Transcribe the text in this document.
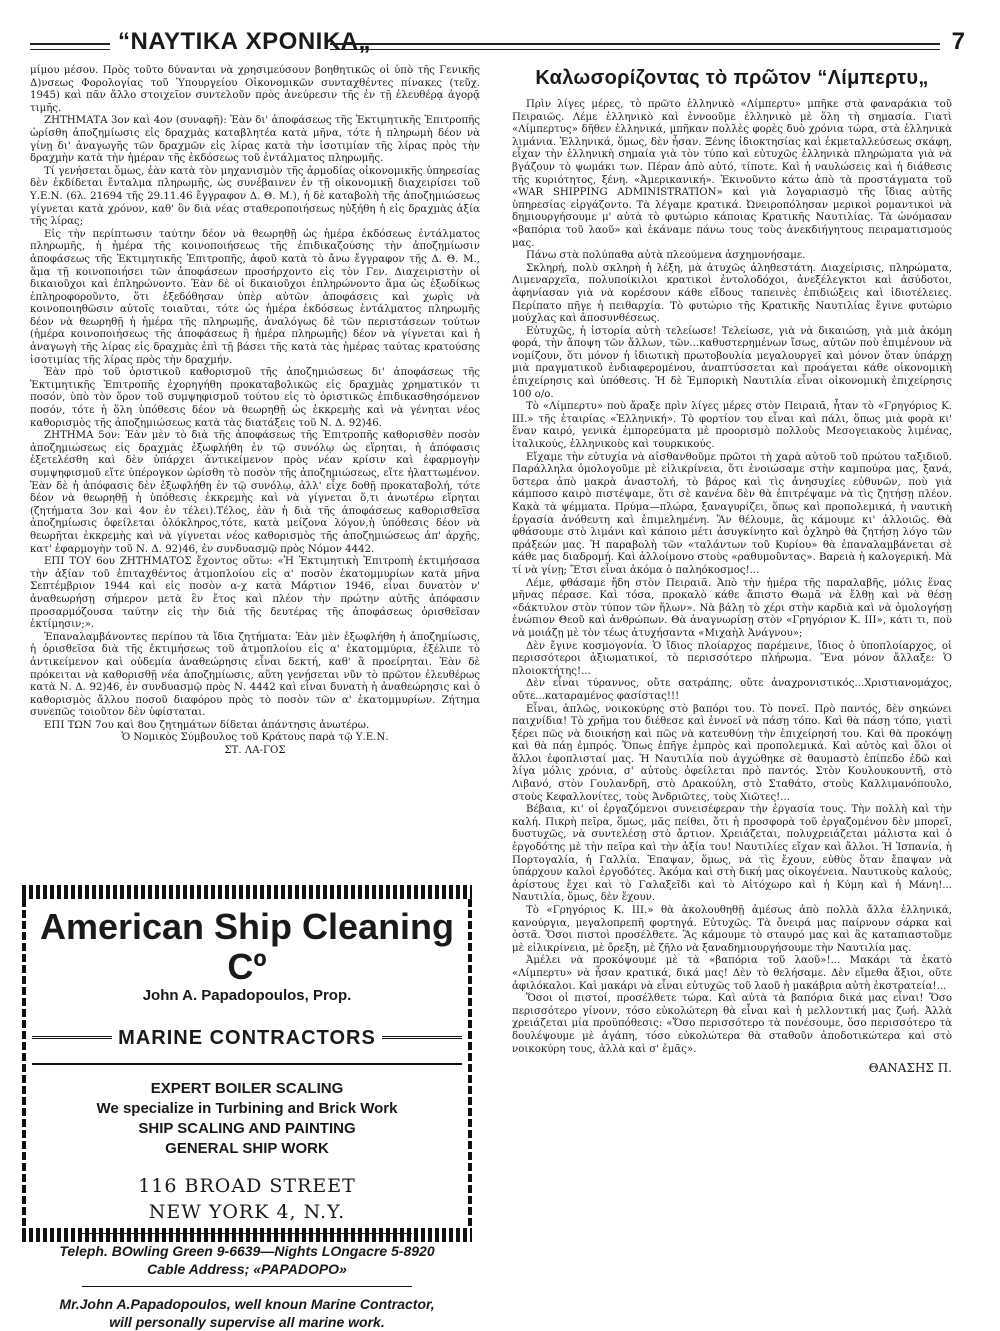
“ΝΑΥΤΙΚΑ ΧΡΟΝΙΚΑ„	7

μίμου μέσου. Πρὸς τοῦτο δύνανται νὰ χρησιμεύσουν βοηθητικῶς οἱ ὑπὸ τῆς Γενικῆς Δ)νσεως Φορολογίας τοῦ Ὑπουργείου Οἰκονομικῶν συνταχθέντες πίνακες (τεῦχ. 1945) καὶ πᾶν ἄλλο στοιχεῖον συντελοῦν πρὸς ἀνεύρεσιν τῆς ἐν τῇ ἐλευθέρᾳ ἀγορᾷ τιμῆς.

ΖΗΤΗΜΑΤΑ 3ον καὶ 4ον (συναφῆ): Ἐὰν δι' ἀποφάσεως τῆς Ἐκτιμητικῆς Ἐπιτροπῆς ὡρίσθη ἀποζημίωσις εἰς δραχμὰς καταβλητέα κατὰ μῆνα, τότε ἡ πληρωμὴ δέον νὰ γίνῃ δι' ἀναγωγῆς τῶν δραχμῶν εἰς λίρας κατὰ τὴν ἰσοτιμίαν τῆς λίρας πρὸς τὴν δραχμὴν κατὰ τὴν ἡμέραν τῆς ἐκδόσεως τοῦ ἐντάλματος πληρωμῆς.

Τί γενήσεται ὅμως, ἐὰν κατὰ τὸν μηχανισμὸν τῆς ἁρμοδίας οἰκονομικῆς ὑπηρεσίας δὲν ἐκδίδεται ἔνταλμα πληρωμῆς, ὡς συνέβαινεν ἐν τῇ οἰκονομικῇ διαχειρίσει τοῦ Υ.Ε.Ν. (6λ. 21694 τῆς 29.11.46 ἔγγραφον Δ. Θ. Μ.), ἡ δὲ καταβολὴ τῆς ἀποζημιώσεως γίγνεται κατὰ χρόνον, καθ' ὃν διὰ νέας σταθεροποιήσεως ηὐξήθη ἡ εἰς δραχμὰς ἀξία τῆς λίρας;

Εἰς τὴν περίπτωσιν ταύτην δέον νὰ θεωρηθῇ ὡς ἡμέρα ἐκδόσεως ἐντάλματος πληρωμῆς, ἡ ἡμέρα τῆς κοινοποιήσεως τῆς ἐπιδικαζούσης τὴν ἀποζημίωσιν ἀποφάσεως τῆς Ἐκτιμητικῆς Ἐπιτροπῆς, ἀφοῦ κατὰ τὸ ἄνω ἔγγραφον τῆς Δ. Θ. Μ., ἅμα τῇ κοινοποιήσει τῶν ἀποφάσεων προσήρχοντο εἰς τὸν Γεν. Διαχειριστὴν οἱ δικαιοῦχοι καὶ ἐπληρώνοντο. Ἐὰν δὲ οἱ δικαιοῦχοι ἐπληρώνοντο ἅμα ὡς ἐξωδίκως ἐπληροφοροῦντο, ὅτι ἐξεδόθησαν ὑπὲρ αὐτῶν ἀποφάσεις καὶ χωρὶς νὰ κοινοποιηθῶσιν αὐτοῖς τοιαῦται, τότε ὡς ἡμέρα ἐκδόσεως ἐντάλματος πληρωμῆς δέον νὰ θεωρηθῇ ἡ ἡμέρα τῆς πληρωμῆς, ἀναλόγως δὲ τῶν περιστάσεων τούτων (ἡμέρα κοινοποιήσεως τῆς ἀποφάσεως ἢ ἡμέρα πληρωμῆς) δέον νὰ γίγνεται καὶ ἡ ἀναγωγὴ τῆς λίρας εἰς δραχμὰς ἐπὶ τῇ βάσει τῆς κατὰ τὰς ἡμέρας ταύτας κρατούσης ἰσοτιμίας τῆς λίρας πρὸς τὴν δραχμήν.

Ἐὰν πρὸ τοῦ ὁριστικοῦ καθορισμοῦ τῆς ἀποζημιώσεως δι' ἀποφάσεως τῆς Ἐκτιμητικῆς Ἐπιτροπῆς ἐχορηγήθη προκαταβολικῶς εἰς δραχμὰς χρηματικόν τι ποσόν, ὑπὸ τὸν ὅρον τοῦ συμψηφισμοῦ τούτου εἰς τὸ ὁριστικῶς ἐπιδικασθησόμενον ποσόν, τότε ἡ ὅλη ὑπόθεσις δέον νὰ θεωρηθῇ ὡς ἐκκρεμὴς καὶ νὰ γένηται νέος καθορισμὸς τῆς ἀποζημιώσεως κατὰ τὰς διατάξεις τοῦ Ν. Δ. 92)46.

ΖΗΤΗΜΑ 5ον: Ἐὰν μὲν τὸ διὰ τῆς ἀποφάσεως τῆς Ἐπιτροπῆς καθορισθὲν ποσὸν ἀποζημιώσεως εἰς δραχμὰς ἐξωφλήθη ἐν τῷ συνόλῳ ὡς εἴρηται, ἡ ἀπόφασις ἐξετελέσθη καὶ δὲν ὑπάρχει ἀντικείμενον πρὸς νέαν κρίσιν καὶ ἐφαρμογὴν συμψηφισμοῦ εἴτε ὑπέρογκον ὡρίσθη τὸ ποσὸν τῆς ἀποζημιώσεως, εἴτε ἠλαττωμένον. Ἐὰν δὲ ἡ ἀπόφασις δὲν ἐξωφλήθη ἐν τῷ συνόλῳ, ἀλλ' εἶχε δοθῇ προκαταβολή, τότε δέον νὰ θεωρηθῇ ἡ ὑπόθεσις ἐκκρεμὴς καὶ νὰ γίγνεται ὅ,τι ἀνωτέρω εἴρηται (ζητήματα 3ον καὶ 4ον ἐν τέλει).Τέλος, ἐὰν ἡ διὰ τῆς ἀποφάσεως καθορισθεῖσα ἀποζημίωσις ὀφείλεται ὁλόκληρος,τότε, κατὰ μείζονα λόγον,ἡ ὑπόθεσις δέον νὰ θεωρῆται ἐκκρεμὴς καὶ νὰ γίγνεται νέος καθορισμὸς τῆς ἀποζημιώσεως ἀπ' ἀρχῆς, κατ' ἐφαρμογὴν τοῦ Ν. Δ. 92)46, ἐν συνδυασμῷ πρὸς Νόμον 4442.

ΕΠΙ ΤΟΥ 6ου ΖΗΤΗΜΑΤΟΣ ἔχοντος οὕτω: «Ἡ Ἐκτιμητικὴ Ἐπιτροπὴ ἐκτιμήσασα τὴν ἀξίαν τοῦ ἐπιταχθέντος ἀτμοπλοίου εἰς α' ποσὸν ἑκατομμυρίων κατὰ μῆνα Σεπτέμβριον 1944 καὶ εἰς ποσὸν α-χ κατὰ Μάρτιον 1946, εἶναι δυνατὸν ν' ἀναθεωρήσῃ σήμερον μετὰ ἓν ἔτος καὶ πλέον τὴν πρώτην αὐτῆς ἀπόφασιν προσαρμόζουσα ταύτην εἰς τὴν διὰ τῆς δευτέρας τῆς ἀποφάσεως ὁρισθεῖσαν ἐκτίμησιν;».

Ἐπαναλαμβάνοντες περίπου τὰ ἴδια ζητήματα: Ἐὰν μὲν ἐξωφλήθη ἡ ἀποζημίωσις, ἡ ὁρισθεῖσα διὰ τῆς ἐκτιμήσεως τοῦ ἀτμοπλοίου εἰς α' ἑκατομμύρια, ἐξέλιπε τὸ ἀντικείμενον καὶ οὐδεμία ἀναθεώρησις εἶναι δεκτή, καθ' ἃ προείρηται. Ἐὰν δὲ πρόκειται νὰ καθορισθῇ νέα ἀποζημίωσις, αὕτη γενήσεται νῦν τὸ πρῶτον ἐλευθέρως κατὰ Ν. Δ. 92)46, ἐν συνδυασμῷ πρὸς Ν. 4442 καὶ εἶναι δυνατὴ ἡ ἀναθεώρησις καὶ ὁ καθορισμὸς ἄλλου ποσοῦ διαφόρου πρὸς τὸ ποσὸν τῶν α' ἑκατομμυρίων. Ζήτημα συνεπῶς τοιοῦτον δὲν ὑφίσταται.

ΕΠΙ ΤΩΝ 7ου καὶ 8ου ζητημάτων δίδεται ἀπάντησις ἀνωτέρω.

Ὁ Νομικὸς Σύμβουλος τοῦ Κράτους παρὰ τῷ Υ.Ε.Ν.
ΣΤ. ΛΑ-ΓΟΣ
American Ship Cleaning Cº
John A. Papadopoulos, Prop.
MARINE CONTRACTORS
EXPERT BOILER SCALING
We specialize in Turbining and Brick Work
SHIP SCALING AND PAINTING
GENERAL SHIP WORK
116 BROAD STREET
NEW YORK 4, N.Y.
Teleph. BOwling Green 9-6639—Nights LOngacre 5-8920
Cable Address; «PAPADOPO»
Mr.John A.Papadopoulos, well knoun Marine Contractor,
will personally supervise all marine work.
Καλωσορίζοντας τὸ πρῶτον “Λίμπερτυ„

Πρὶν λίγες μέρες, τὸ πρῶτο ἑλληνικὸ «Λίμπερτυ» μπῆκε στὰ φαναράκια τοῦ Πειραιῶς. Λέμε ἑλληνικὸ καὶ ἐννοοῦμε ἑλληνικὸ μὲ ὅλη τὴ σημασία. Γιατὶ «Λίμπερτυς» δῆθεν ἑλληνικά, μπῆκαν πολλὲς φορὲς δυὸ χρόνια τώρα, στὰ ἑλληνικὰ λιμάνια. Ἑλληνικά, ὅμως, δὲν ἦσαν. Ξένης ἰδιοκτησίας καὶ ἐκμεταλλεύσεως σκάφη, εἶχαν τὴν ἑλληνικὴ σημαία γιὰ τὸν τύπο καὶ εὐτυχῶς ἑλληνικὰ πληρώματα γιὰ νὰ βγάζουν τὸ ψωμάκι των. Πέραν ἀπὸ αὐτό, τίποτε. Καὶ ἡ ναυλώσεις καὶ ἡ διάθεσις τῆς κυριότητος, ξένη. «Ἀμερικανική». Ἐκινοῦντο κάτω ἀπὸ τὰ προστάγματα τοῦ «WAR SHIPPING ADMINISTRATION» καὶ γιὰ λογαριασμὸ τῆς ἴδιας αὐτῆς ὑπηρεσίας εἰργάζοντο. Τὰ λέγαμε κρατικά. Ὠνειροπόλησαν μερικοὶ ρομαντικοὶ νὰ δημιουργήσουμε μ' αὐτὰ τὸ φυτώριο κάποιας Κρατικῆς Ναυτιλίας. Τὰ ὠνόμασαν «βαπόρια τοῦ λαοῦ» καὶ ἐκάναμε πάνω τους τοὺς ἀνεκδιήγητους πειραματισμούς μας.

Πάνω στὰ πολύπαθα αὐτὰ πλεούμενα ἀσχημονήσαμε.

Σκληρή, πολὺ σκληρὴ ἡ λέξη, μὰ ἀτυχῶς ἀληθεστάτη. Διαχείρισις, πληρώματα, Λιμεναρχεῖα, πολυποίκιλοι κρατικοὶ ἐντολοδόχοι, ἀνεξέλεγκτοι καὶ ἀσύδοτοι, ἀφηνίασαν γιὰ νὰ κορέσουν κάθε εἴδους ταπεινὲς ἐπιδιώξεις καὶ ἰδιοτέλειες. Περίπατο πῆγε ἡ πειθαρχία. Τὸ φυτώριο τῆς Κρατικῆς Ναυτιλίας ἔγινε φυτώριο μούχλας καὶ ἀποσυνθέσεως.

Εὐτυχῶς, ἡ ἱστορία αὐτὴ τελείωσε! Τελείωσε, γιὰ νὰ δικαιώσῃ, γιὰ μιὰ ἀκόμη φορά, τὴν ἄποψη τῶν ἄλλων, τῶν...καθυστερημένων ἴσως, αὐτῶν ποὺ ἐπιμένουν νὰ νομίζουν, ὅτι μόνον ἡ ἰδιωτικὴ πρωτοβουλία μεγαλουργεῖ καὶ μόνον ὅταν ὑπάρχῃ μιὰ πραγματικοῦ ἐνδιαφερομένου, ἀναπτύσσεται καὶ προάγεται κάθε οἰκονομικὴ ἐπιχείρησις καὶ ὑπόθεσις. Ἡ δὲ Ἐμπορικὴ Ναυτιλία εἶναι οἰκονομικὴ ἐπιχείρησις 100 ο/ο.

Τὸ «Λίμπερτυ» ποὺ ἄραξε πρὶν λίγες μέρες στὸν Πειραιᾶ, ἦταν τὸ «Γρηγόριος Κ. ΙΙΙ.» τῆς ἑταιρίας «Ἑλληνική». Τὸ φορτίον του εἶναι καὶ πάλι, ὅπως μιὰ φορὰ κι' ἕναν καιρό, γενικὰ ἐμπορεύματα μὲ προορισμὸ πολλοὺς Μεσογειακοὺς λιμένας, ἰταλικούς, ἑλληνικοὺς καὶ τουρκικούς.

Εἴχαμε τὴν εὐτυχία νὰ αἰσθανθοῦμε πρῶτοι τὴ χαρὰ αὐτοῦ τοῦ πρώτου ταξιδιοῦ. Παράλληλα ὁμολογοῦμε μὲ εἰλικρίνεια, ὅτι ἐνοιώσαμε στὴν καμπούρα μας, ξανά, ὕστερα ἀπὸ μακρὰ ἀναστολή, τὸ βάρος καὶ τὶς ἀνησυχίες εὐθυνῶν, ποὺ γιὰ κάμποσο καιρὸ πιστέψαμε, ὅτι σὲ κανένα δὲν θὰ ἐπιτρέψαμε νὰ τὶς ζητήσῃ πλέον. Κακὰ τὰ ψέμματα. Πρύμα—πλώρα, ξαναγυρίζει, ὅπως καὶ προπολεμικά, ἡ ναυτικὴ ἐργασία ἀνόθευτη καὶ ἐπιμελημένη. Ἂν θέλουμε, ἂς κάμουμε κι' ἀλλοιῶς. Θὰ φθάσουμε στὸ λιμάνι καὶ κάποιο μέτι ἀσυγκίνητο καὶ ὀχληρὸ θὰ ζητήσῃ λόγο τῶν πράξεών μας. Ἡ παραβολὴ τῶν «ταλάντων τοῦ Κυρίου» θὰ ἐπαναλαμβάνεται σὲ κάθε μας διαδρομή. Καὶ ἀλλοίμονο στοὺς «ραθυμοῦντας». Βαρειὰ ἡ καλογερική. Μὰ τί νὰ γίνῃ; Ἔτσι εἶναι ἀκόμα ὁ παληόκοσμος!...

Λέμε, φθάσαμε ἤδη στὸν Πειραιᾶ. Ἀπὸ τὴν ἡμέρα τῆς παραλαβῆς, μόλις ἕνας μῆνας πέρασε. Καὶ τόσα, προκαλὸ κάθε ἄπιστο Θωμᾶ νὰ ἔλθῃ καὶ νὰ θέσῃ «δάκτυλον στὸν τύπον τῶν ἥλων». Νὰ βάλῃ τὸ χέρι στὴν καρδιὰ καὶ νὰ ὁμολογήσῃ ἐνώπιον Θεοῦ καὶ ἀνθρώπων. Θὰ ἀναγνωρίσῃ στὸν «Γρηγόριον Κ. ΙΙΙ», κάτι τι, ποὺ νὰ μοιάζῃ μὲ τὸν τέως ἀτυχήσαντα «Μιχαὴλ Ἀνάγνου»;

Δὲν ἔγινε κοσμογονία. Ὁ ἴδιος πλοίαρχος παρέμεινε, ἴδιος ὁ ὑποπλοίαρχος, οἱ περισσότεροι ἀξιωματικοί, τὸ περισσότερο πλήρωμα. Ἕνα μόνον ἄλλαξε: Ὁ πλοιοκτήτης!...

Δὲν εἶναι τύραννος, οὔτε σατράπης, οὔτε ἀναχρονιστικός...Χριστιανομάχος, οὔτε...καταραμένος φασίστας!!!

Εἶναι, ἁπλῶς, νοικοκύρης στὸ βαπόρι του. Τὸ πονεῖ. Πρὸ παντός, δὲν σηκώνει παιχνίδια! Τὸ χρῆμα του διέθεσε καὶ ἐννοεῖ νὰ πάσῃ τόπο. Καὶ θὰ πάσῃ τόπο, γιατὶ ξέρει πῶς νὰ διοικήσῃ καὶ πῶς νὰ κατευθύνῃ τὴν ἐπιχείρησή του. Καὶ θὰ προκόψῃ καὶ θὰ πάῃ ἐμπρός. Ὅπως ἐπῆγε ἐμπρὸς καὶ προπολεμικά. Καὶ αὐτὸς καὶ ὅλοι οἱ ἄλλοι ἐφοπλισταί μας. Ἡ Ναυτιλία ποὺ ἀγχώθηκε σὲ θαυμαστὸ ἐπίπεδο ἐδῶ καὶ λίγα μόλις χρόνια, σ' αὐτοὺς ὀφείλεται πρὸ παντός. Στὸν Κουλουκουντῆ, στὸ Λιβανό, στὸν Γουλανδρῆ, στὸ Δρακούλη, στὸ Σταθάτο, στοὺς Καλλιμανόπουλο, στοὺς Κεφαλλονίτες, τοὺς Ἀνδριῶτες, τοὺς Χιῶτες!...

Βέβαια, κι' οἱ ἐργαζόμενοι συνεισέφεραν τὴν ἐργασία τους. Τὴν πολλὴ καὶ τὴν καλή. Πικρὴ πεῖρα, ὅμως, μᾶς πείθει, ὅτι ἡ προσφορὰ τοῦ ἐργαζομένου δὲν μπορεῖ, δυστυχῶς, νὰ συντελέσῃ στὸ ἄρτιον. Χρειάζεται, πολυχρειάζεται μάλιστα καὶ ὁ ἐργοδότης μὲ τὴν πεῖρα καὶ τὴν ἀξία του! Ναυτιλίες εἴχαν καὶ ἄλλοι. Ἡ Ἱσπανία, ἡ Πορτογαλία, ἡ Γαλλία. Ἐπαψαν, ὅμως, νὰ τὶς ἔχουν, εὐθὺς ὅταν ἔπαψαν νὰ ὑπάρχουν καλοὶ ἐργοδότες. Ἀκόμα καὶ στὴ δική μας οἰκογένεια. Ναυτικοὺς καλούς, ἀρίστους ἔχει καὶ τὸ Γαλαξεῖδι καὶ τὸ Αἰτόχωρο καὶ ἡ Κύμη καὶ ἡ Μάνη!... Ναυτιλία, ὅμως, δὲν ἔχουν.

Τὸ «Γρηγόριος Κ. ΙΙΙ.» θὰ ἀκολουθηθῇ ἀμέσως ἀπὸ πολλὰ ἄλλα ἑλληνικά, κανούργια, μεγαλοπρεπῆ φορτηγά. Εὐτυχῶς. Τὰ ὄνειρά μας παίρνουν σάρκα καὶ ὀστᾶ. Ὅσοι πιστοὶ προσέλθετε. Ἂς κάμουμε τὸ σταυρό μας καὶ ἂς καταπιαστοῦμε μὲ εἰλικρίνεια, μὲ ὄρεξη, μὲ ζῆλο νὰ ξαναδημιουργήσουμε τὴν Ναυτιλία μας.

Ἀμέλει νὰ προκόψουμε μὲ τὰ «βαπόρια τοῦ λαοῦ»!... Μακάρι τὰ ἑκατὸ «Λίμπερτυ» νὰ ἦσαν κρατικά, δικά μας! Δὲν τὸ θελήσαμε. Δὲν εἴμεθα ἄξιοι, οὔτε ἀφιλόκαλοι. Καὶ μακάρι νὰ εἶναι εὐτυχῶς τοῦ λαοῦ ἡ μακάβρια αὐτὴ ἐκστρατεία!...

Ὅσοι οἱ πιστοί, προσέλθετε τώρα. Καὶ αὐτὰ τὰ βαπόρια δικά μας εἶναι! Ὅσο περισσότερο γίνονν, τόσο εὐκολώτερη θὰ εἶναι καὶ ἡ μελλοντική μας ζωή. Ἀλλὰ χρειάζεται μία προϋπόθεσις: «Ὅσο περισσότερο τὰ πονέσουμε, ὅσο περισσότερο τὰ δουλέψουμε μὲ ἀγάπη, τόσο εὐκολώτερα θὰ σταθοῦν ἀποδοτικώτερα καὶ στὸ νοικοκύρη τους, ἀλλὰ καὶ σ' ἐμᾶς».

ΘΑΝΑΣΗΣ Π.
